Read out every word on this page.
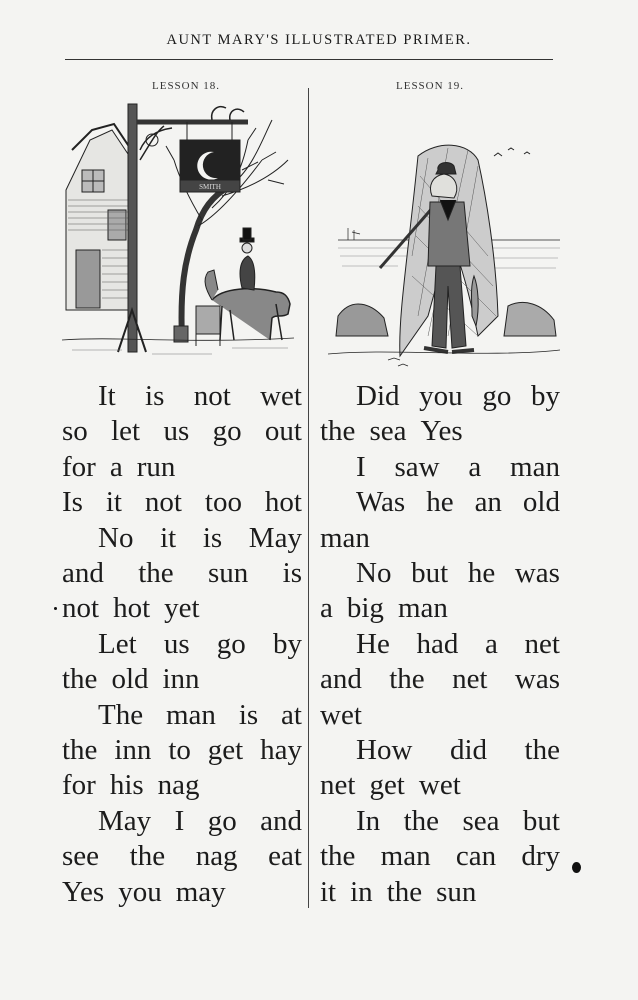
AUNT MARY'S ILLUSTRATED PRIMER.
LESSON 18.	LESSON 19.
SMITH
It is not wet
so let us go out
for a run
Is it not too hot
No it is May
and the sun is
not hot yet
Let us go by
the old inn
The man is at
the inn to get hay
for his nag
May I go and
see the nag eat
Yes you may
Did you go by
the sea Yes
I saw a man
Was he an old
man
No but he was
a big man
He had a net
and the net was
wet
How did the
net get wet
In the sea but
the man can dry
it in the sun
